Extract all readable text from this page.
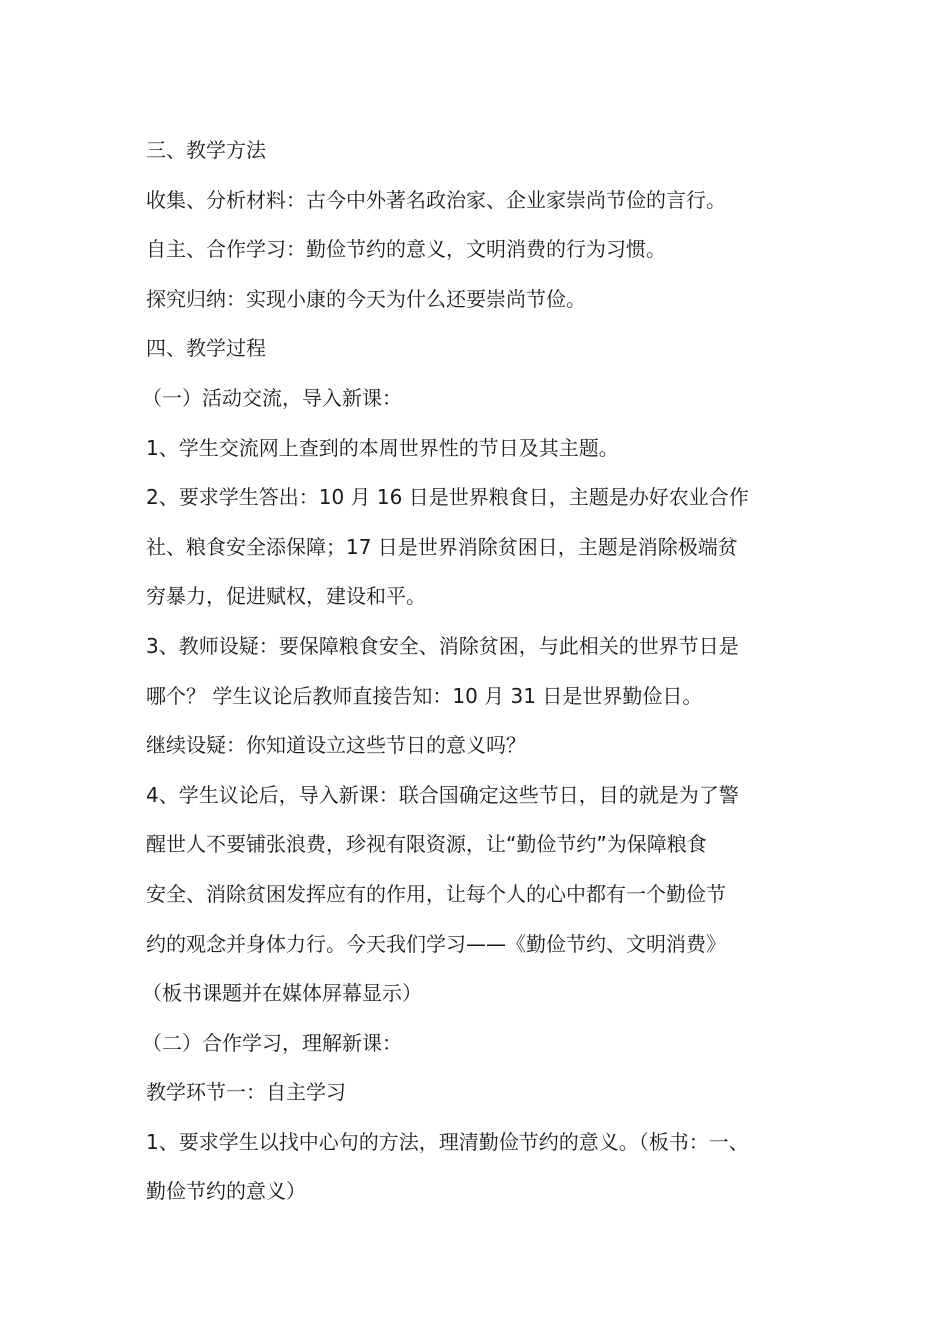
三、教学方法

收集、分析材料：古今中外著名政治家、企业家崇尚节俭的言行。

自主、合作学习：勤俭节约的意义，文明消费的行为习惯。

探究归纳：实现小康的今天为什么还要崇尚节俭。

四、教学过程

（一）活动交流，导入新课：

1、学生交流网上查到的本周世界性的节日及其主题。

2、要求学生答出：10 月 16 日是世界粮食日，主题是办好农业合作

社、粮食安全添保障；17 日是世界消除贫困日，主题是消除极端贫

穷暴力，促进赋权，建设和平。

3、教师设疑：要保障粮食安全、消除贫困，与此相关的世界节日是

哪个？ 学生议论后教师直接告知：10 月 31 日是世界勤俭日。

继续设疑：你知道设立这些节日的意义吗？

4、学生议论后，导入新课：联合国确定这些节日，目的就是为了警

醒世人不要铺张浪费，珍视有限资源，让“勤俭节约”为保障粮食

安全、消除贫困发挥应有的作用，让每个人的心中都有一个勤俭节

约的观念并身体力行。今天我们学习——《勤俭节约、文明消费》

（板书课题并在媒体屏幕显示）

（二）合作学习，理解新课：

教学环节一：自主学习

1、要求学生以找中心句的方法，理清勤俭节约的意义。（板书：一、

勤俭节约的意义）
